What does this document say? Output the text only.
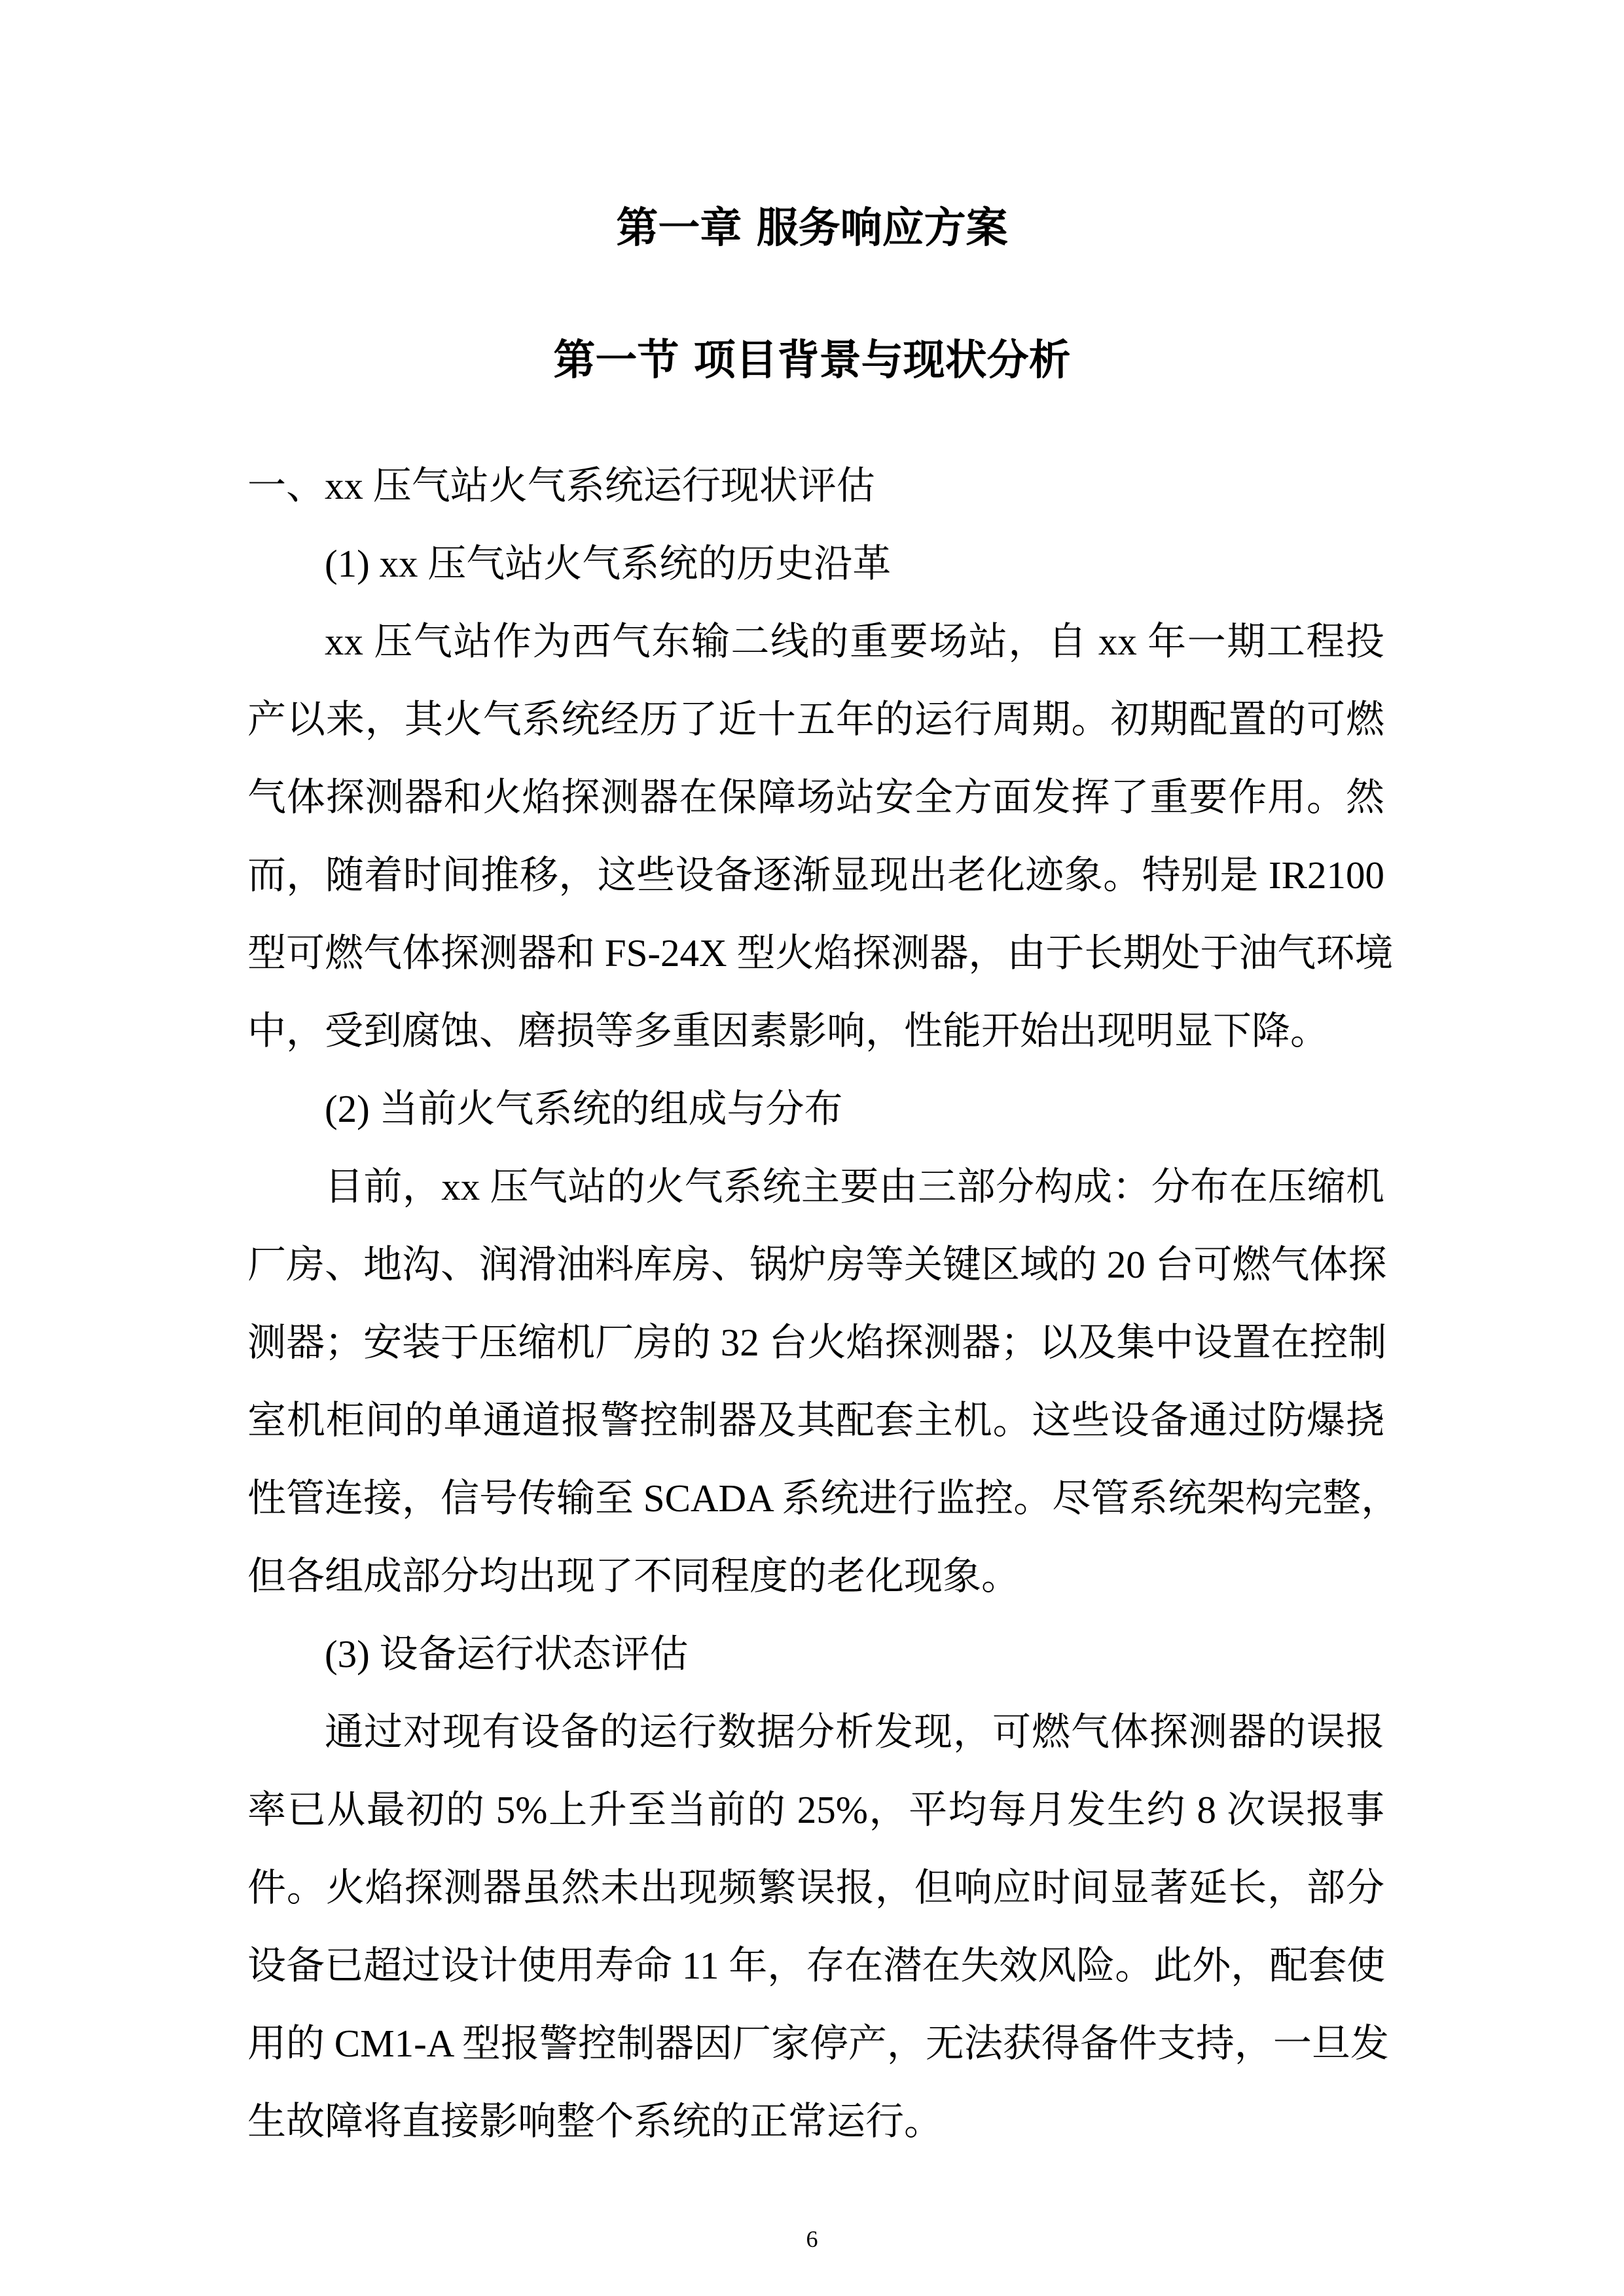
第一章 服务响应方案
第一节 项目背景与现状分析
一、xx 压气站火气系统运行现状评估
(1) xx 压气站火气系统的历史沿革
xx 压气站作为西气东输二线的重要场站，自 xx 年一期工程投
产以来，其火气系统经历了近十五年的运行周期。初期配置的可燃
气体探测器和火焰探测器在保障场站安全方面发挥了重要作用。然
而，随着时间推移，这些设备逐渐显现出老化迹象。特别是 IR2100
型可燃气体探测器和 FS-24X 型火焰探测器，由于长期处于油气环境
中，受到腐蚀、磨损等多重因素影响，性能开始出现明显下降。
(2) 当前火气系统的组成与分布
目前，xx 压气站的火气系统主要由三部分构成：分布在压缩机
厂房、地沟、润滑油料库房、锅炉房等关键区域的 20 台可燃气体探
测器；安装于压缩机厂房的 32 台火焰探测器；以及集中设置在控制
室机柜间的单通道报警控制器及其配套主机。这些设备通过防爆挠
性管连接，信号传输至 SCADA 系统进行监控。尽管系统架构完整，
但各组成部分均出现了不同程度的老化现象。
(3) 设备运行状态评估
通过对现有设备的运行数据分析发现，可燃气体探测器的误报
率已从最初的 5%上升至当前的 25%，平均每月发生约 8 次误报事
件。火焰探测器虽然未出现频繁误报，但响应时间显著延长，部分
设备已超过设计使用寿命 11 年，存在潜在失效风险。此外，配套使
用的 CM1-A 型报警控制器因厂家停产，无法获得备件支持，一旦发
生故障将直接影响整个系统的正常运行。
6
